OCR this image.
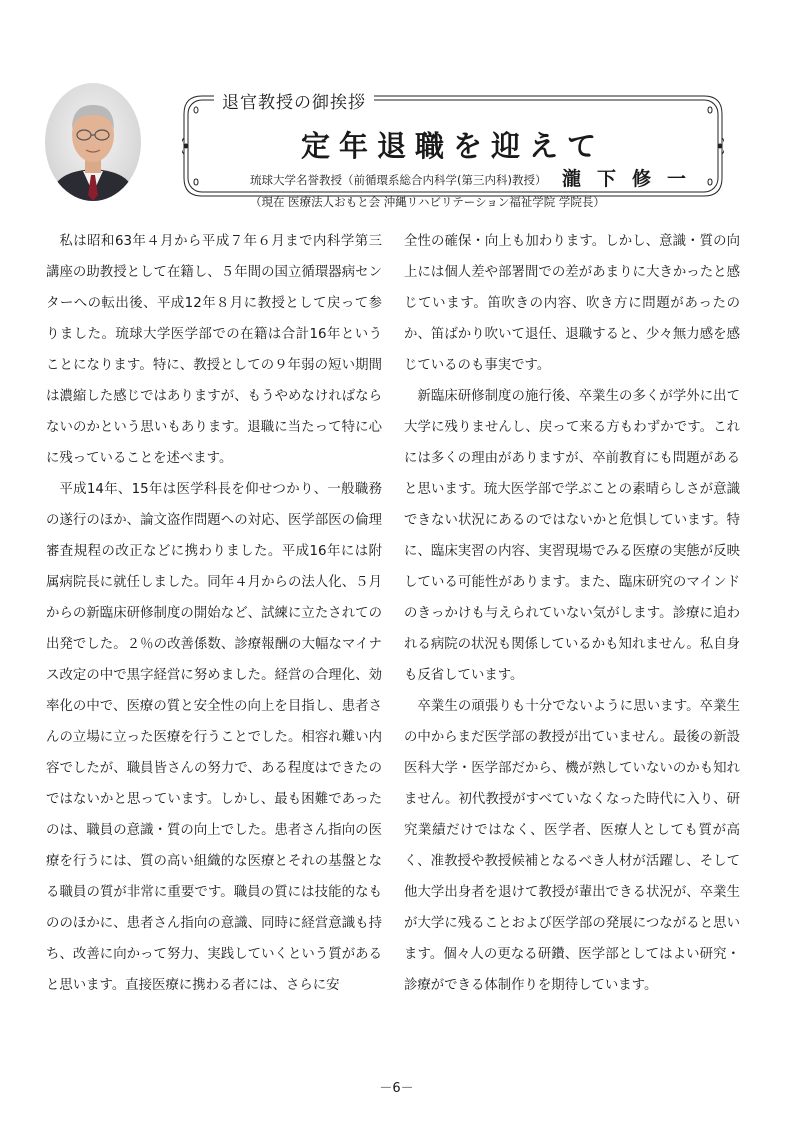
退官教授の御挨拶
定年退職を迎えて
琉球大学名誉教授（前循環系総合内科学(第三内科)教授） 瀧下修一
（現在 医療法人おもと会 沖縄リハビリテーション福祉学院 学院長）

私は昭和63年４月から平成７年６月まで内科学第三講座の助教授として在籍し、５年間の国立循環器病センターへの転出後、平成12年８月に教授として戻って参りました。琉球大学医学部での在籍は合計16年ということになります。特に、教授としての９年弱の短い期間は濃縮した感じではありますが、もうやめなければならないのかという思いもあります。退職に当たって特に心に残っていることを述べます。

平成14年、15年は医学科長を仰せつかり、一般職務の遂行のほか、論文盗作問題への対応、医学部医の倫理審査規程の改正などに携わりました。平成16年には附属病院長に就任しました。同年４月からの法人化、５月からの新臨床研修制度の開始など、試練に立たされての出発でした。２％の改善係数、診療報酬の大幅なマイナス改定の中で黒字経営に努めました。経営の合理化、効率化の中で、医療の質と安全性の向上を目指し、患者さんの立場に立った医療を行うことでした。相容れ難い内容でしたが、職員皆さんの努力で、ある程度はできたのではないかと思っています。しかし、最も困難であったのは、職員の意識・質の向上でした。患者さん指向の医療を行うには、質の高い組織的な医療とそれの基盤となる職員の質が非常に重要です。職員の質には技能的なもののほかに、患者さん指向の意識、同時に経営意識も持ち、改善に向かって努力、実践していくという質があると思います。直接医療に携わる者には、さらに安

全性の確保・向上も加わります。しかし、意識・質の向上には個人差や部署間での差があまりに大きかったと感じています。笛吹きの内容、吹き方に問題があったのか、笛ばかり吹いて退任、退職すると、少々無力感を感じているのも事実です。

新臨床研修制度の施行後、卒業生の多くが学外に出て大学に残りませんし、戻って来る方もわずかです。これには多くの理由がありますが、卒前教育にも問題があると思います。琉大医学部で学ぶことの素晴らしさが意識できない状況にあるのではないかと危惧しています。特に、臨床実習の内容、実習現場でみる医療の実態が反映している可能性があります。また、臨床研究のマインドのきっかけも与えられていない気がします。診療に追われる病院の状況も関係しているかも知れません。私自身も反省しています。

卒業生の頑張りも十分でないように思います。卒業生の中からまだ医学部の教授が出ていません。最後の新設医科大学・医学部だから、機が熟していないのかも知れません。初代教授がすべていなくなった時代に入り、研究業績だけではなく、医学者、医療人としても質が高く、准教授や教授候補となるべき人材が活躍し、そして他大学出身者を退けて教授が輩出できる状況が、卒業生が大学に残ることおよび医学部の発展につながると思います。個々人の更なる研鑽、医学部としてはよい研究・診療ができる体制作りを期待しています。

－6－
